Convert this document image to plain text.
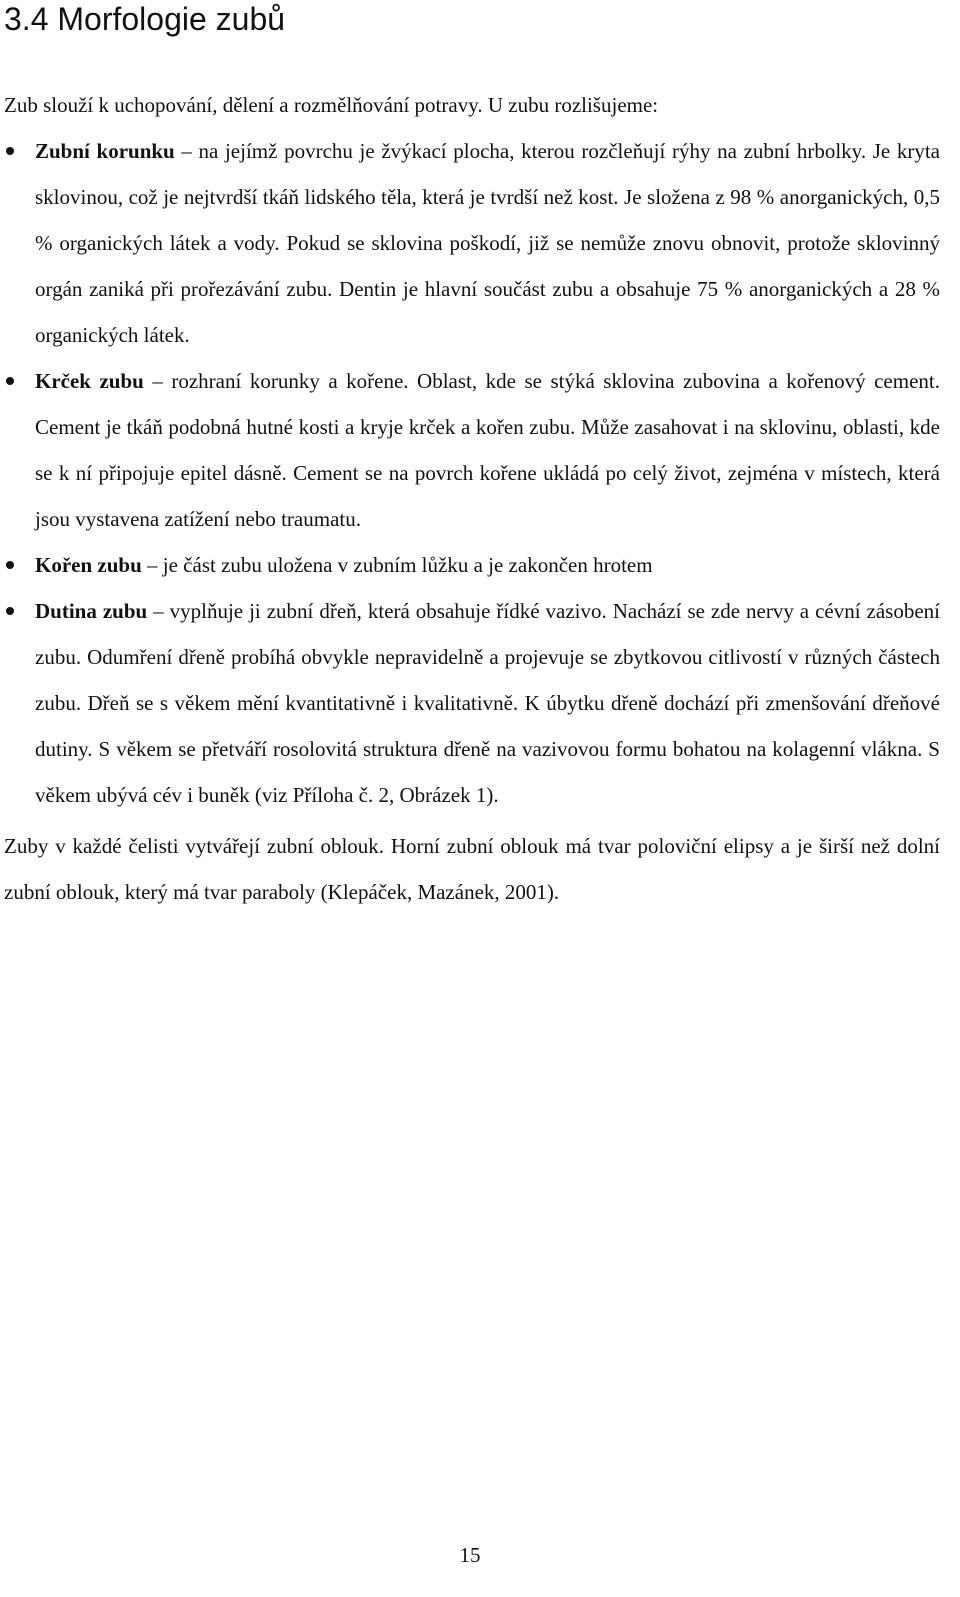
3.4 Morfologie zubů

Zub slouží k uchopování, dělení a rozmělňování potravy. U zubu rozlišujeme:

Zubní korunku – na jejímž povrchu je žvýkací plocha, kterou rozčleňují rýhy na zubní hrbolky. Je kryta sklovinou, což je nejtvrdší tkáň lidského těla, která je tvrdší než kost. Je složena z 98 % anorganických, 0,5 % organických látek a vody. Pokud se sklovina poškodí, již se nemůže znovu obnovit, protože sklovinný orgán zaniká při prořezávání zubu. Dentin je hlavní součást zubu a obsahuje 75 % anorganických a 28 % organických látek.
Krček zubu – rozhraní korunky a kořene. Oblast, kde se stýká sklovina zubovina a kořenový cement. Cement je tkáň podobná hutné kosti a kryje krček a kořen zubu. Může zasahovat i na sklovinu, oblasti, kde se k ní připojuje epitel dásně. Cement se na povrch kořene ukládá po celý život, zejména v místech, která jsou vystavena zatížení nebo traumatu.
Kořen zubu – je část zubu uložena v zubním lůžku a je zakončen hrotem
Dutina zubu – vyplňuje ji zubní dřeň, která obsahuje řídké vazivo. Nachází se zde nervy a cévní zásobení zubu. Odumření dřeně probíhá obvykle nepravidelně a projevuje se zbytkovou citlivostí v různých částech zubu. Dřeň se s věkem mění kvantitativně i kvalitativně. K úbytku dřeně dochází při zmenšování dřeňové dutiny. S věkem se přetváří rosolovitá struktura dřeně na vazivovou formu bohatou na kolagenní vlákna. S věkem ubývá cév i buněk (viz Příloha č. 2, Obrázek 1).

Zuby v každé čelisti vytvářejí zubní oblouk. Horní zubní oblouk má tvar poloviční elipsy a je širší než dolní zubní oblouk, který má tvar paraboly (Klepáček, Mazánek, 2001).

15
